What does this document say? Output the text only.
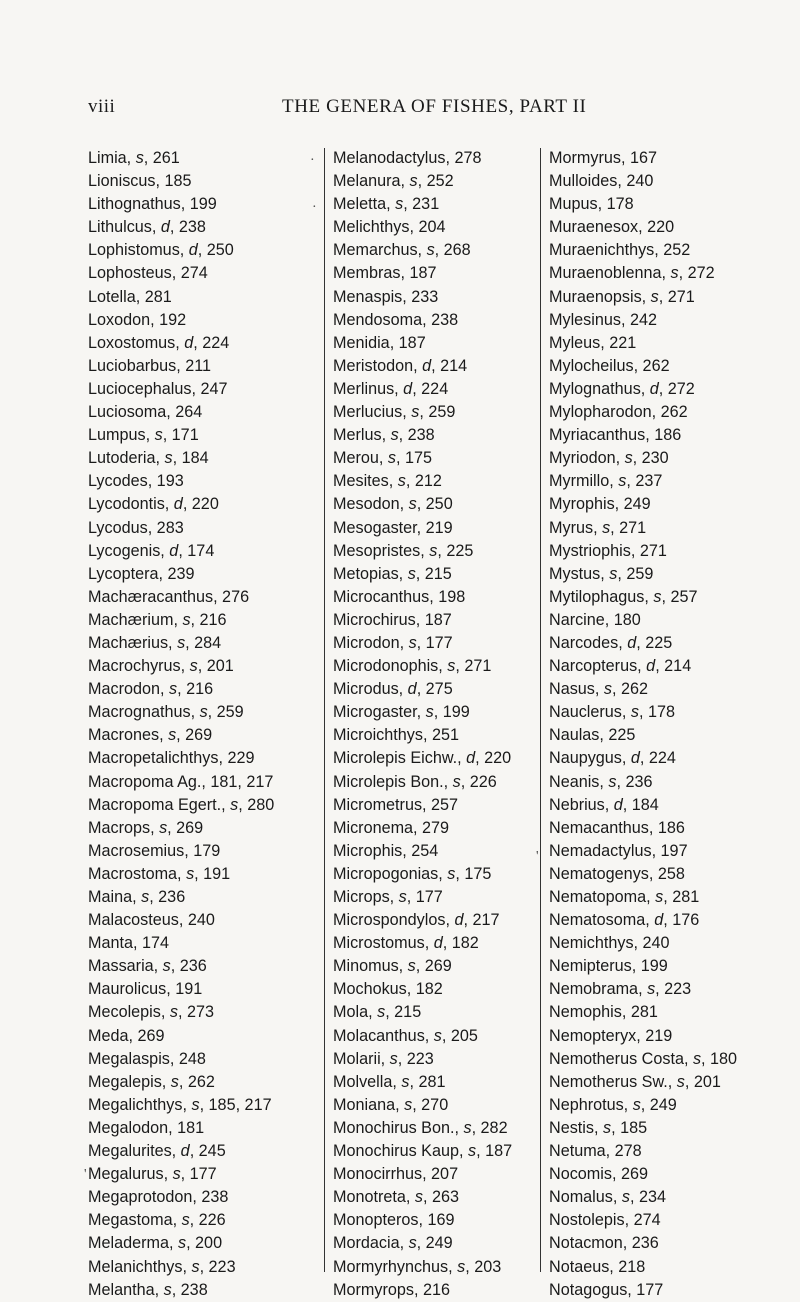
viii	THE GENERA OF FISHES, PART II
·
·
'
'
Limia, s, 261
Lioniscus, 185
Lithognathus, 199
Lithulcus, d, 238
Lophistomus, d, 250
Lophosteus, 274
Lotella, 281
Loxodon, 192
Loxostomus, d, 224
Luciobarbus, 211
Luciocephalus, 247
Luciosoma, 264
Lumpus, s, 171
Lutoderia, s, 184
Lycodes, 193
Lycodontis, d, 220
Lycodus, 283
Lycogenis, d, 174
Lycoptera, 239
Machæracanthus, 276
Machærium, s, 216
Machærius, s, 284
Macrochyrus, s, 201
Macrodon, s, 216
Macrognathus, s, 259
Macrones, s, 269
Macropetalichthys, 229
Macropoma Ag., 181, 217
Macropoma Egert., s, 280
Macrops, s, 269
Macrosemius, 179
Macrostoma, s, 191
Maina, s, 236
Malacosteus, 240
Manta, 174
Massaria, s, 236
Maurolicus, 191
Mecolepis, s, 273
Meda, 269
Megalaspis, 248
Megalepis, s, 262
Megalichthys, s, 185, 217
Megalodon, 181
Megalurites, d, 245
Megalurus, s, 177
Megaprotodon, 238
Megastoma, s, 226
Meladerma, s, 200
Melanichthys, s, 223
Melantha, s, 238
Melanodactylus, 278
Melanura, s, 252
Meletta, s, 231
Melichthys, 204
Memarchus, s, 268
Membras, 187
Menaspis, 233
Mendosoma, 238
Menidia, 187
Meristodon, d, 214
Merlinus, d, 224
Merlucius, s, 259
Merlus, s, 238
Merou, s, 175
Mesites, s, 212
Mesodon, s, 250
Mesogaster, 219
Mesopristes, s, 225
Metopias, s, 215
Microcanthus, 198
Microchirus, 187
Microdon, s, 177
Microdonophis, s, 271
Microdus, d, 275
Microgaster, s, 199
Microichthys, 251
Microlepis Eichw., d, 220
Microlepis Bon., s, 226
Micrometrus, 257
Micronema, 279
Microphis, 254
Micropogonias, s, 175
Microps, s, 177
Microspondylos, d, 217
Microstomus, d, 182
Minomus, s, 269
Mochokus, 182
Mola, s, 215
Molacanthus, s, 205
Molarii, s, 223
Molvella, s, 281
Moniana, s, 270
Monochirus Bon., s, 282
Monochirus Kaup, s, 187
Monocirrhus, 207
Monotreta, s, 263
Monopteros, 169
Mordacia, s, 249
Mormyrhynchus, s, 203
Mormyrops, 216
Mormyrus, 167
Mulloides, 240
Mupus, 178
Muraenesox, 220
Muraenichthys, 252
Muraenoblenna, s, 272
Muraenopsis, s, 271
Mylesinus, 242
Myleus, 221
Mylocheilus, 262
Mylognathus, d, 272
Mylopharodon, 262
Myriacanthus, 186
Myriodon, s, 230
Myrmillo, s, 237
Myrophis, 249
Myrus, s, 271
Mystriophis, 271
Mystus, s, 259
Mytilophagus, s, 257
Narcine, 180
Narcodes, d, 225
Narcopterus, d, 214
Nasus, s, 262
Nauclerus, s, 178
Naulas, 225
Naupygus, d, 224
Neanis, s, 236
Nebrius, d, 184
Nemacanthus, 186
Nemadactylus, 197
Nematogenys, 258
Nematopoma, s, 281
Nematosoma, d, 176
Nemichthys, 240
Nemipterus, 199
Nemobrama, s, 223
Nemophis, 281
Nemopteryx, 219
Nemotherus Costa, s, 180
Nemotherus Sw., s, 201
Nephrotus, s, 249
Nestis, s, 185
Netuma, 278
Nocomis, 269
Nomalus, s, 234
Nostolepis, 274
Notacmon, 236
Notaeus, 218
Notagogus, 177
